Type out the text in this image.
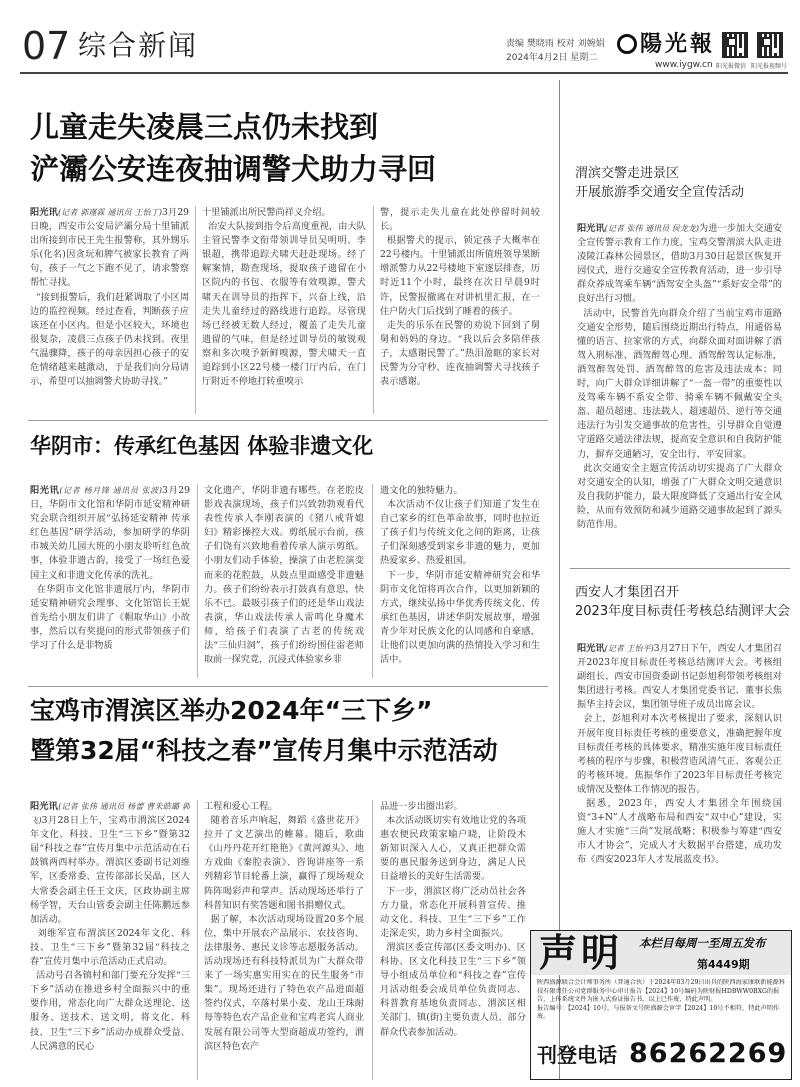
07 综合新闻	责编 樊晓雨 校对 刘婉娟
2024年4月2日 星期二
陽光報
www.iygw.cn 阳光报微信 阳光报视频号
儿童走失凌晨三点仍未找到
浐灞公安连夜抽调警犬助力寻回
阳光讯(记者 郭瑾霖 通讯员 王怡丁)3月29日晚，西安市公安局浐灞分局十里铺派出所接到市民王先生报警称，其外甥乐乐(化名)因贪玩和脾气被家长教育了两句，孩子一气之下跑不见了，请求警察帮忙寻找。
“接到报警后，我们赶紧调取了小区周边的监控视频。经过查看，判断孩子应该还在小区内。但是小区较大，环境也很复杂，凌晨三点孩子仍未找到。夜里气温骤降，孩子的母亲因担心孩子的安危情绪越来越激动，于是我们向分局请示，希望可以抽调警犬协助寻找。”
十里铺派出所民警尚祥义介绍。
治安大队接到指令后高度重视，由大队主管民警李文衔带领训导员吴明明、李银超，携带追踪犬啸天赶赴现场。经了解案情，勘查现场，提取孩子遗留在小区院内的书包、衣服等有效嗅源，警犬啸天在训导员的指挥下，兴奋上线，沿走失儿童经过的路线进行追踪。尽管现场已经被无数人经过，覆盖了走失儿童遗留的气味，但是经过训导员的敏锐观察和多次嗅予新鲜嗅源，警犬啸天一直追踪到小区22号楼一楼门厅内后，在门厅附近不停地打转重嗅示
警，提示走失儿童在此处停留时间较长。
根据警犬的提示，锁定孩子大概率在22号楼内。十里铺派出所值班领导果断增派警力从22号楼地下室逐层排查，历时近11个小时，最终在次日早晨9时许，民警报撤离在对讲机里汇报，在一住户防火门后找到了睡着的孩子。
走失的乐乐在民警的劝说下回到了舅舅和妈妈的身边。“我以后会多陪伴孩子，太感谢民警了。”热泪盈眶的家长对民警为分守秒、连夜抽调警犬寻找孩子表示感谢。
华阴市：传承红色基因 体验非遗文化
阳光讯(记者 杨月锋 通讯员 张波)3月29日，华阴市文化馆和华阴市延安精神研究会联合组织开展“弘扬延安精神 传承红色基因”研学活动，参加研学的华阴市城关幼儿园大班的小朋友聆听红色故事，体验非遗古韵，接受了一场红色爱国主义和非遗文化传承的洗礼。
在华阴市文化馆非遗展厅内，华阴市延安精神研究会理事、文化馆馆长王妮首先给小朋友们讲了《帽取华山》小故事，然后以有奖提问的形式带领孩子们学习了什么是非物质
文化遗产，华阴非遗有哪些。在老腔皮影戏表演现场，孩子们兴致勃勃观看代表性传承人李刚表演的《猪八戒背媳妇》精彩操控大戏。剪纸展示台前，孩子们饶有兴致地看着传承人演示剪纸。小朋友们动手体验，操演了由老腔演变而来的花腔鼓，从鼓点里面感受非遗魅力。孩子们纷纷表示打鼓真有意思，快乐不已。最吸引孩子们的还是华山戏法表演，华山戏法传承人雷鸣化身魔术师，给孩子们表演了古老的传统戏法“三仙归洞”，孩子们纷纷围住雷老师取前一探究竟，沉浸式体验家乡非
遗文化的独特魅力。
本次活动不仅让孩子们知道了发生在自己家乡的红色革命故事，同时也拉近了孩子们与传统文化之间的距离，让孩子们深刻感受到家乡非遗的魅力，更加热爱家乡、热爱祖国。
下一步，华阴市延安精神研究会和华阴市文化馆将再次合作，以更加新颖的方式，继续弘扬中华优秀传统文化、传承红色基因，讲述华阴发展故事，增强青少年对民族文化的认同感和自豪感，让他们以更加向满的热情投入学习和生活中。
宝鸡市渭滨区举办2024年“三下乡”
暨第32届“科技之春”宣传月集中示范活动
阳光讯(记者 张伟 通讯员 杨蕾 曹朱皓璐 郭飞)3月28日上午，宝鸡市渭滨区2024年文化、科技、卫生“三下乡”暨第32届“科技之春”宣传月集中示范活动在石鼓镇两西村举办。渭滨区委副书记刘维军，区委常委、宣传部部长吴晶，区人大常委会副主任王文庆，区政协副主席杨学智，天台山管委会副主任陈鹏远参加活动。
刘维军宣布渭滨区2024年文化、科技、卫生“三下乡”暨第32届“科技之春”宣传月集中示范活动正式启动。
活动号召各镇村和部门要充分发挥“三下乡”活动在推进乡村全面振兴中的重要作用，常态化向广大群众送理论、送服务、送技术、送文明，将文化、科技、卫生“三下乡”活动办成群众受益、人民满意的民心
工程和爱心工程。
随着音乐声响起，舞蹈《盛世花开》拉开了文艺演出的帷幕。随后，歌曲《山丹丹花开红艳艳》《黄河源头》、地方戏曲《秦腔表演》、咨询讲座等一系列精彩节目轮番上演，赢得了现场观众阵阵喝彩声和掌声。活动现场还举行了科普知识有奖答题和图书捐赠仪式。
据了解，本次活动现场设置20多个展位，集中开展农产品展示、农技咨询、法律服务、惠民义诊等志愿服务活动。活动现场还有科技特派员为广大群众带来了一场实惠实用实在的民生服务“市集”。现场还进行了特色农产品进面超签约仪式，卒落村果小麦、龙山王珠耐每等特色农产品企业和宝鸡老宾人商业发展有限公司等大型商超成功签约，渭滨区特色农产
品进一步出圈出彩。
本次活动既切实有效地让党的各项惠农便民政策家喻户晓，让阶段木新知识深入人心，又真正把群众需要的惠民服务送到身边，满足人民日益增长的美好生活需要。
下一步，渭滨区将广泛动员社会各方力量，常态化开展科普宣传、推动文化、科技、卫生“三下乡”工作走深走实，助力乡村全面振兴。
渭滨区委宣传部(区委文明办)、区科协、区文化科技卫生“三下乡”领导小组成员单位和“科技之春”宣传月活动组委会成员单位负责同志、科普教育基地负责同志、渭滨区相关部门、镇(街)主要负责人员、部分群众代表参加活动。
渭滨交警走进景区
开展旅游季交通安全宣传活动
阳光讯(记者 张伟 通讯员 侯龙龙)为进一步加大交通安全宣传警示教育工作力度，宝鸡交警渭滨大队走进凌陵江森林公园景区，借助3月30日起景区恢复开园仪式，进行交通安全宣传教育活动，进一步引导群众养成驾乘车辆“酒驾安全头盔”“系好安全带”的良好出行习惯。
活动中，民警首先向群众介绍了当前宝鸡市道路交通安全形势，随后围绕近期出行特点，用通俗易懂的语言、拉家常的方式，向群众面对面讲解了酒驾入刑标准、酒驾醉驾心理、酒驾醉驾认定标准，酒驾醉驾处罚、酒驾醉驾的危害及违法成本；同时，向广大群众详细讲解了“一盔一带”的重要性以及驾乘车辆不系安全带、骑乘车辆不佩戴安全头盔、超员超速、违法载人、超速超员、逆行等交通违法行为引发交通事故的危害性，引导群众自觉遵守道路交通法律法规，提高安全意识和自我防护能力，摒弃交通陋习，安全出行、平安回家。
此次交通安全主题宣传活动切实提高了广大群众对交通安全的认知，增强了广大群众文明交通意识及自我防护能力，最大限度降低了交通出行安全风险，从而有效预防和减少道路交通事故起到了源头防范作用。
西安人才集团召开
2023年度目标责任考核总结测评大会
阳光讯(记者 王怡平)3月27日下午，西安人才集团召开2023年度目标责任考核总结测评大会。考核组副组长、西安市国资委副书记彭旭利带领考核组对集团进行考核。西安人才集团党委书记、董事长焦振华主持会议，集团领导班子成员出席会议。
会上，彭旭利对本次考核提出了要求，深刻认识开展年度目标责任考核的重要意义，准确把握年度目标责任考核的具体要求，精准实施年度目标责任考核的程序与步骤，积极营造风清气正、客观公正的考核环境。焦振华作了2023年目标责任考核完成情况及整体工作情况的报告。
据悉，2023年，西安人才集团全年围绕国资“3+N”人才战略布局和西安“双中心”建设，实施人才实施“三尚”发展战略；积极参与筹建“西安市人才协会”，完成人才大数据平台搭建，成功发布《西安2023年人才发展蓝皮书》。
声明 本栏目每周一至周五发布
第4449期
陕西盛源联合会计师事务所（普通合伙）于2024年03月29日出具的陕西海家康联新能源科技有限责任公司党群服务中心审计报告【2024】10号编码为陕财报HDBWW0BXG的报告，上传系统文件为嵌入式验证报告书，以上已作废，特此声明。
报告编号：【2024】10号，与报备文号陕盛源会审字【2024】10号不相符，特此声明作废。
刊登电话 86262269
